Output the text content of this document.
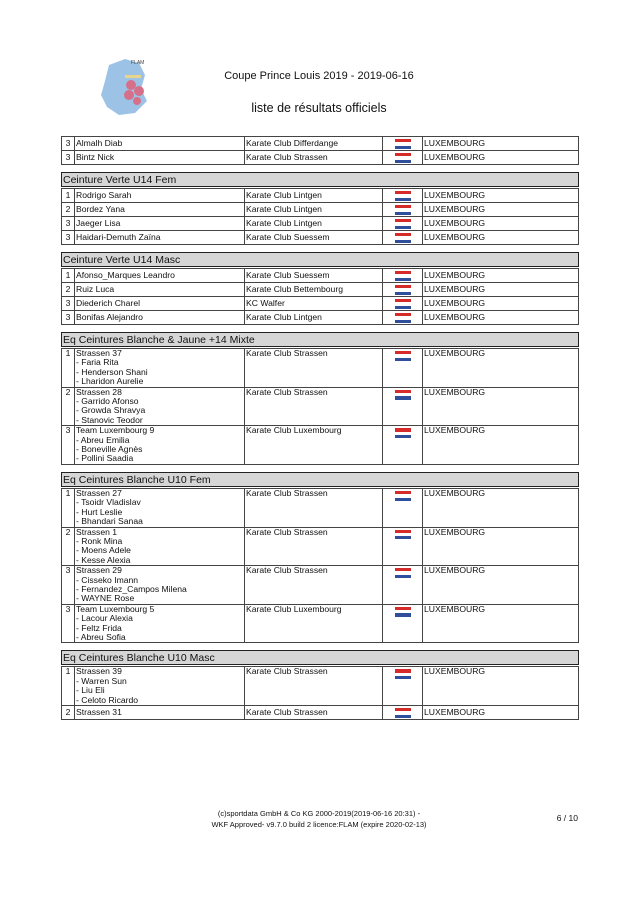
FLAM
Coupe Prince Louis 2019 - 2019-06-16
liste de résultats officiels
3	Almalh Diab	Karate Club Differdange		LUXEMBOURG
3	Bintz Nick	Karate Club Strassen		LUXEMBOURG
Ceinture Verte U14 Fem
1	Rodrigo Sarah	Karate Club Lintgen		LUXEMBOURG
2	Bordez Yana	Karate Club Lintgen		LUXEMBOURG
3	Jaeger Lisa	Karate Club Lintgen		LUXEMBOURG
3	Haidari-Demuth Zaïna	Karate Club Suessem		LUXEMBOURG
Ceinture Verte U14 Masc
1	Afonso_Marques Leandro	Karate Club Suessem		LUXEMBOURG
2	Ruiz Luca	Karate Club Bettembourg		LUXEMBOURG
3	Diederich Charel	KC Walfer		LUXEMBOURG
3	Bonifas Alejandro	Karate Club Lintgen		LUXEMBOURG
Eq Ceintures Blanche & Jaune +14 Mixte
1	Strassen 37
- Faria Rita
- Henderson Shani
- Lharidon Aurelie	Karate Club Strassen		LUXEMBOURG
2	Strassen 28
- Garrido Afonso
- Growda Shravya
- Stanovic Teodor	Karate Club Strassen		LUXEMBOURG
3	Team Luxembourg 9
- Abreu Emilia
- Boneville Agnès
- Pollini Saadia	Karate Club Luxembourg		LUXEMBOURG
Eq Ceintures Blanche U10 Fem
1	Strassen 27
- Tsoidr Vladislav
- Hurt Leslie
- Bhandari Sanaa	Karate Club Strassen		LUXEMBOURG
2	Strassen 1
- Ronk Mina
- Moens Adele
- Kesse Alexia	Karate Club Strassen		LUXEMBOURG
3	Strassen 29
- Cisseko Imann
- Fernandez_Campos Milena
- WAYNE Rose	Karate Club Strassen		LUXEMBOURG
3	Team Luxembourg 5
- Lacour Alexia
- Feltz Frida
- Abreu Sofia	Karate Club Luxembourg		LUXEMBOURG
Eq Ceintures Blanche U10 Masc
1	Strassen 39
- Warren Sun
- Liu Eli
- Celoto Ricardo	Karate Club Strassen		LUXEMBOURG
2	Strassen 31	Karate Club Strassen		LUXEMBOURG
(c)sportdata GmbH & Co KG 2000-2019(2019-06-16 20:31) -
WKF Approved- v9.7.0 build 2 licence:FLAM (expire 2020-02-13)
6 / 10
